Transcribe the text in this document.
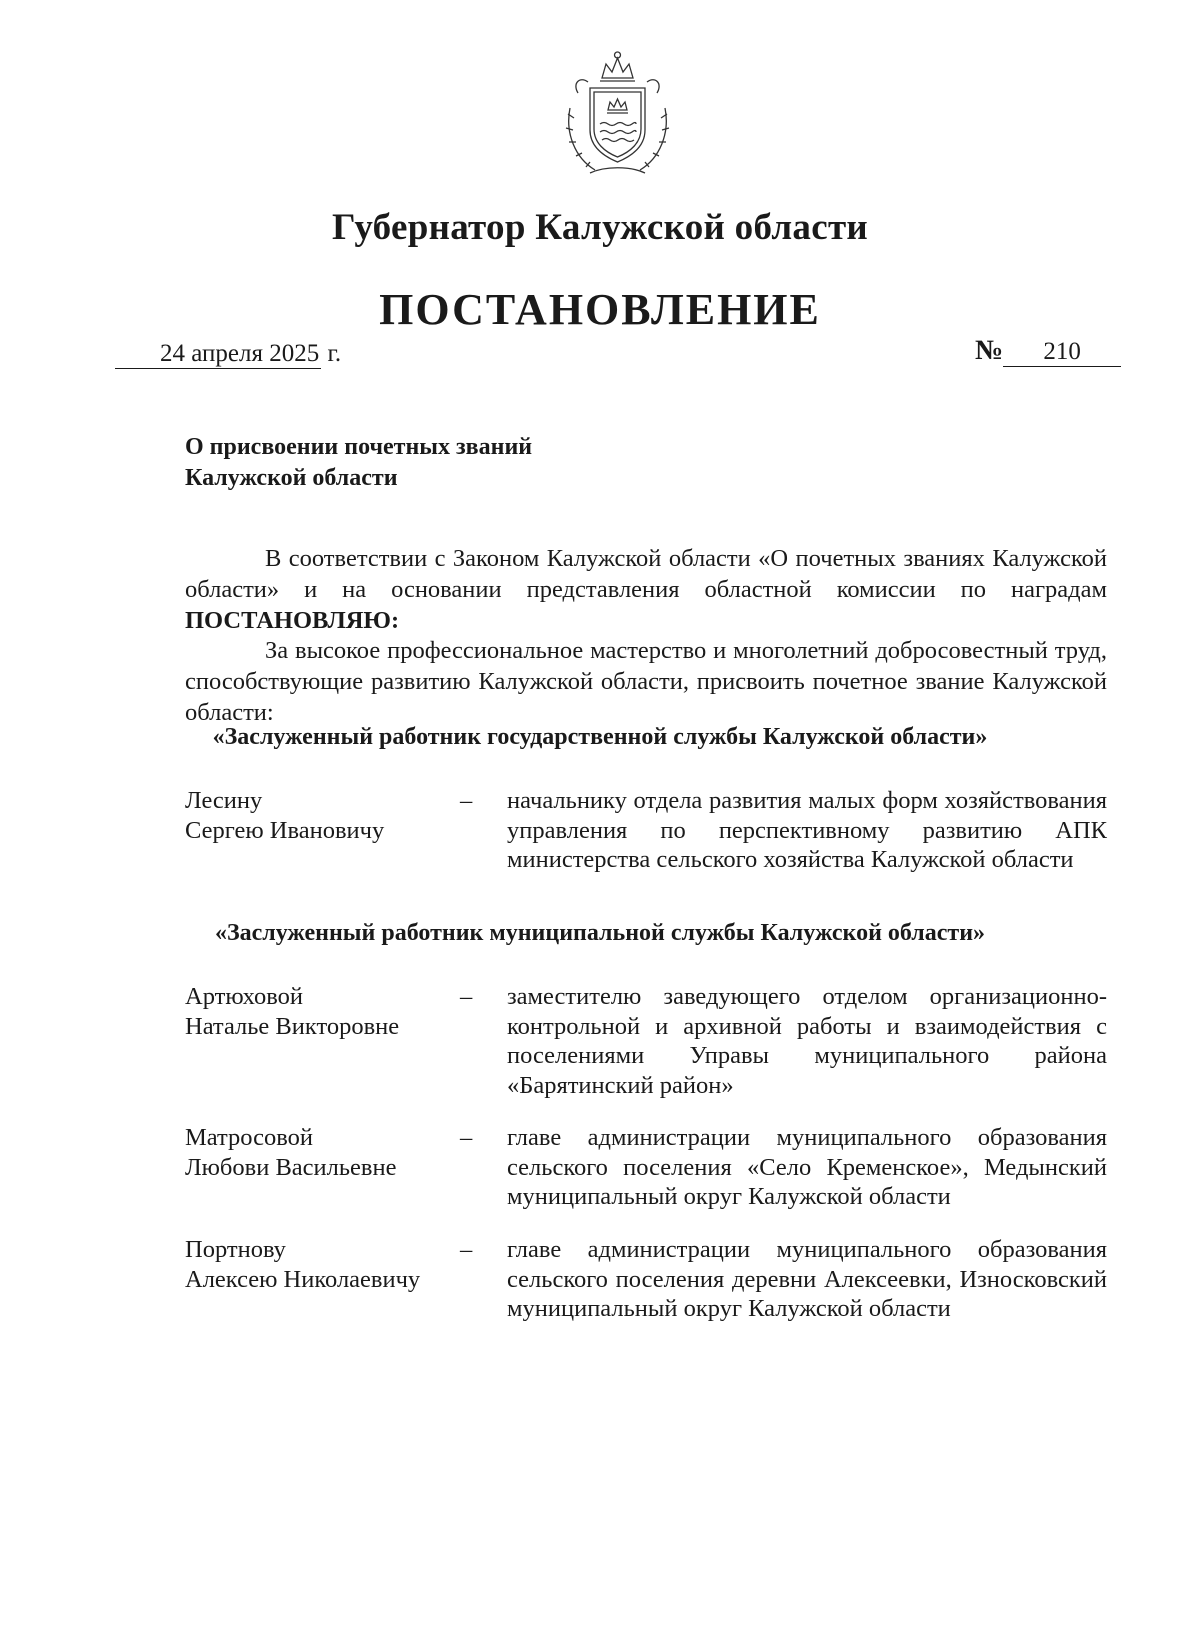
Губернатор Калужской области
ПОСТАНОВЛЕНИЕ
24 апреля 2025 г.	№ 210
О присвоении почетных званий
Калужской области
В соответствии с Законом Калужской области «О почетных званиях Калужской области» и на основании представления областной комиссии по наградам ПОСТАНОВЛЯЮ:
За высокое профессиональное мастерство и многолетний добросовестный труд, способствующие развитию Калужской области, присвоить почетное звание Калужской области:
«Заслуженный работник государственной службы Калужской области»
Лесину
Сергею Ивановичу
– начальнику отдела развития малых форм хозяйствования управления по перспективному развитию АПК министерства сельского хозяйства Калужской области
«Заслуженный работник муниципальной службы Калужской области»
Артюховой
Наталье Викторовне
– заместителю заведующего отделом организационно-контрольной и архивной работы и взаимодействия с поселениями Управы муниципального района «Барятинский район»
Матросовой
Любови Васильевне
– главе администрации муниципального образования сельского поселения «Село Кременское», Медынский муниципальный округ Калужской области
Портнову
Алексею Николаевичу
– главе администрации муниципального образования сельского поселения деревни Алексеевки, Износковский муниципальный округ Калужской области
